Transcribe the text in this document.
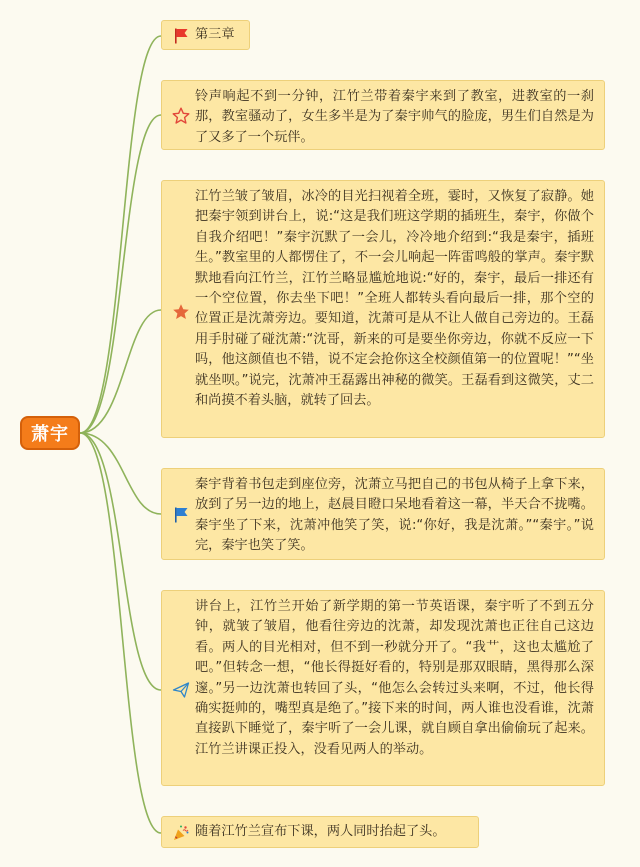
萧宇
第三章
铃声响起不到一分钟，江竹兰带着秦宇来到了教室，进教室的一刹那，教室骚动了，女生多半是为了秦宇帅气的脸庞，男生们自然是为了又多了一个玩伴。
江竹兰皱了皱眉，冰冷的目光扫视着全班，霎时，又恢复了寂静。她把秦宇领到讲台上，说:“这是我们班这学期的插班生，秦宇，你做个自我介绍吧！”秦宇沉默了一会儿，冷冷地介绍到:“我是秦宇，插班生。”教室里的人都愣住了，不一会儿响起一阵雷鸣般的掌声。秦宇默默地看向江竹兰，江竹兰略显尴尬地说:“好的，秦宇，最后一排还有一个空位置，你去坐下吧！”全班人都转头看向最后一排，那个空的位置正是沈萧旁边。要知道，沈萧可是从不让人做自己旁边的。王磊用手肘碰了碰沈萧:“沈哥，新来的可是要坐你旁边，你就不反应一下吗，他这颜值也不错，说不定会抢你这全校颜值第一的位置呢！”“坐就坐呗。”说完，沈萧冲王磊露出神秘的微笑。王磊看到这微笑，丈二和尚摸不着头脑，就转了回去。
秦宇背着书包走到座位旁，沈萧立马把自己的书包从椅子上拿下来，放到了另一边的地上，赵晨目瞪口呆地看着这一幕，半天合不拢嘴。秦宇坐了下来，沈萧冲他笑了笑，说:“你好，我是沈萧。”“秦宇。”说完，秦宇也笑了笑。
讲台上，江竹兰开始了新学期的第一节英语课，秦宇听了不到五分钟，就皱了皱眉，他看往旁边的沈萧，却发现沈萧也正往自己这边看。两人的目光相对，但不到一秒就分开了。“我艹，这也太尴尬了吧。”但转念一想，“他长得挺好看的，特别是那双眼睛，黑得那么深邃。”另一边沈萧也转回了头，“他怎么会转过头来啊，不过，他长得确实挺帅的，嘴型真是绝了。”接下来的时间，两人谁也没看谁，沈萧直接趴下睡觉了，秦宇听了一会儿课，就自顾自拿出偷偷玩了起来。江竹兰讲课正投入，没看见两人的举动。
随着江竹兰宣布下课，两人同时抬起了头。
